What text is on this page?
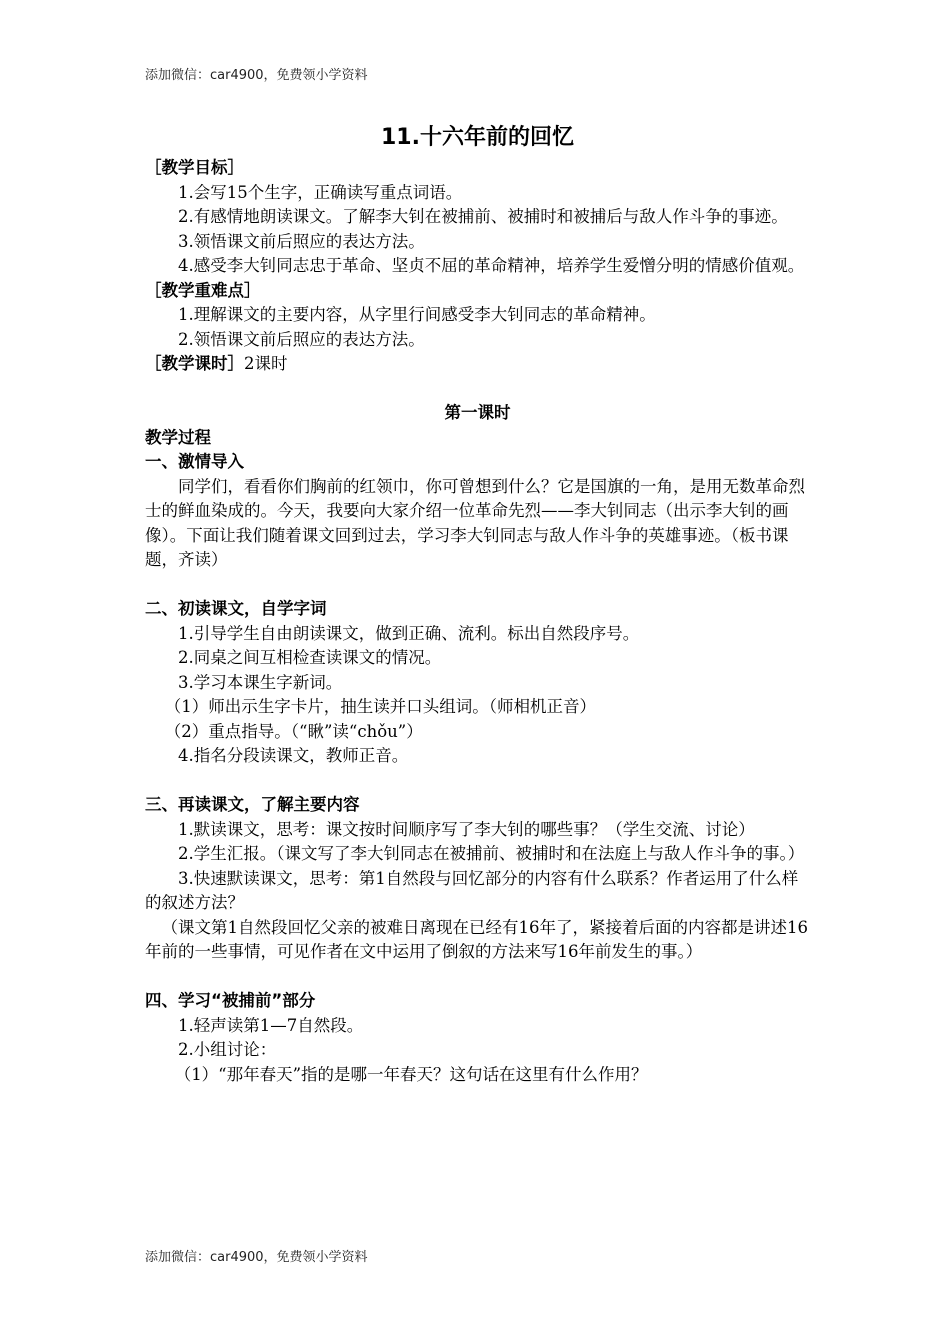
添加微信：car4900，免费领小学资料
11.十六年前的回忆
［教学目标］
1.会写15个生字，正确读写重点词语。
2.有感情地朗读课文。了解李大钊在被捕前、被捕时和被捕后与敌人作斗争的事迹。
3.领悟课文前后照应的表达方法。
4.感受李大钊同志忠于革命、坚贞不屈的革命精神，培养学生爱憎分明的情感价值观。
［教学重难点］
1.理解课文的主要内容，从字里行间感受李大钊同志的革命精神。
2.领悟课文前后照应的表达方法。
［教学课时］2课时
第一课时
教学过程
一、激情导入
同学们，看看你们胸前的红领巾，你可曾想到什么？它是国旗的一角，是用无数革命烈士的鲜血染成的。今天，我要向大家介绍一位革命先烈——李大钊同志（出示李大钊的画像）。下面让我们随着课文回到过去，学习李大钊同志与敌人作斗争的英雄事迹。（板书课题，齐读）
二、初读课文，自学字词
1.引导学生自由朗读课文，做到正确、流利。标出自然段序号。
2.同桌之间互相检查读课文的情况。
3.学习本课生字新词。
（1）师出示生字卡片，抽生读并口头组词。（师相机正音）
（2）重点指导。（“瞅”读“chǒu”）
4.指名分段读课文，教师正音。
三、再读课文，了解主要内容
1.默读课文，思考：课文按时间顺序写了李大钊的哪些事？（学生交流、讨论）
2.学生汇报。（课文写了李大钊同志在被捕前、被捕时和在法庭上与敌人作斗争的事。）
3.快速默读课文，思考：第1自然段与回忆部分的内容有什么联系？作者运用了什么样的叙述方法？
（课文第1自然段回忆父亲的被难日离现在已经有16年了，紧接着后面的内容都是讲述16年前的一些事情，可见作者在文中运用了倒叙的方法来写16年前发生的事。）
四、学习“被捕前”部分
1.轻声读第1—7自然段。
2.小组讨论：
（1）“那年春天”指的是哪一年春天？这句话在这里有什么作用？
添加微信：car4900，免费领小学资料
